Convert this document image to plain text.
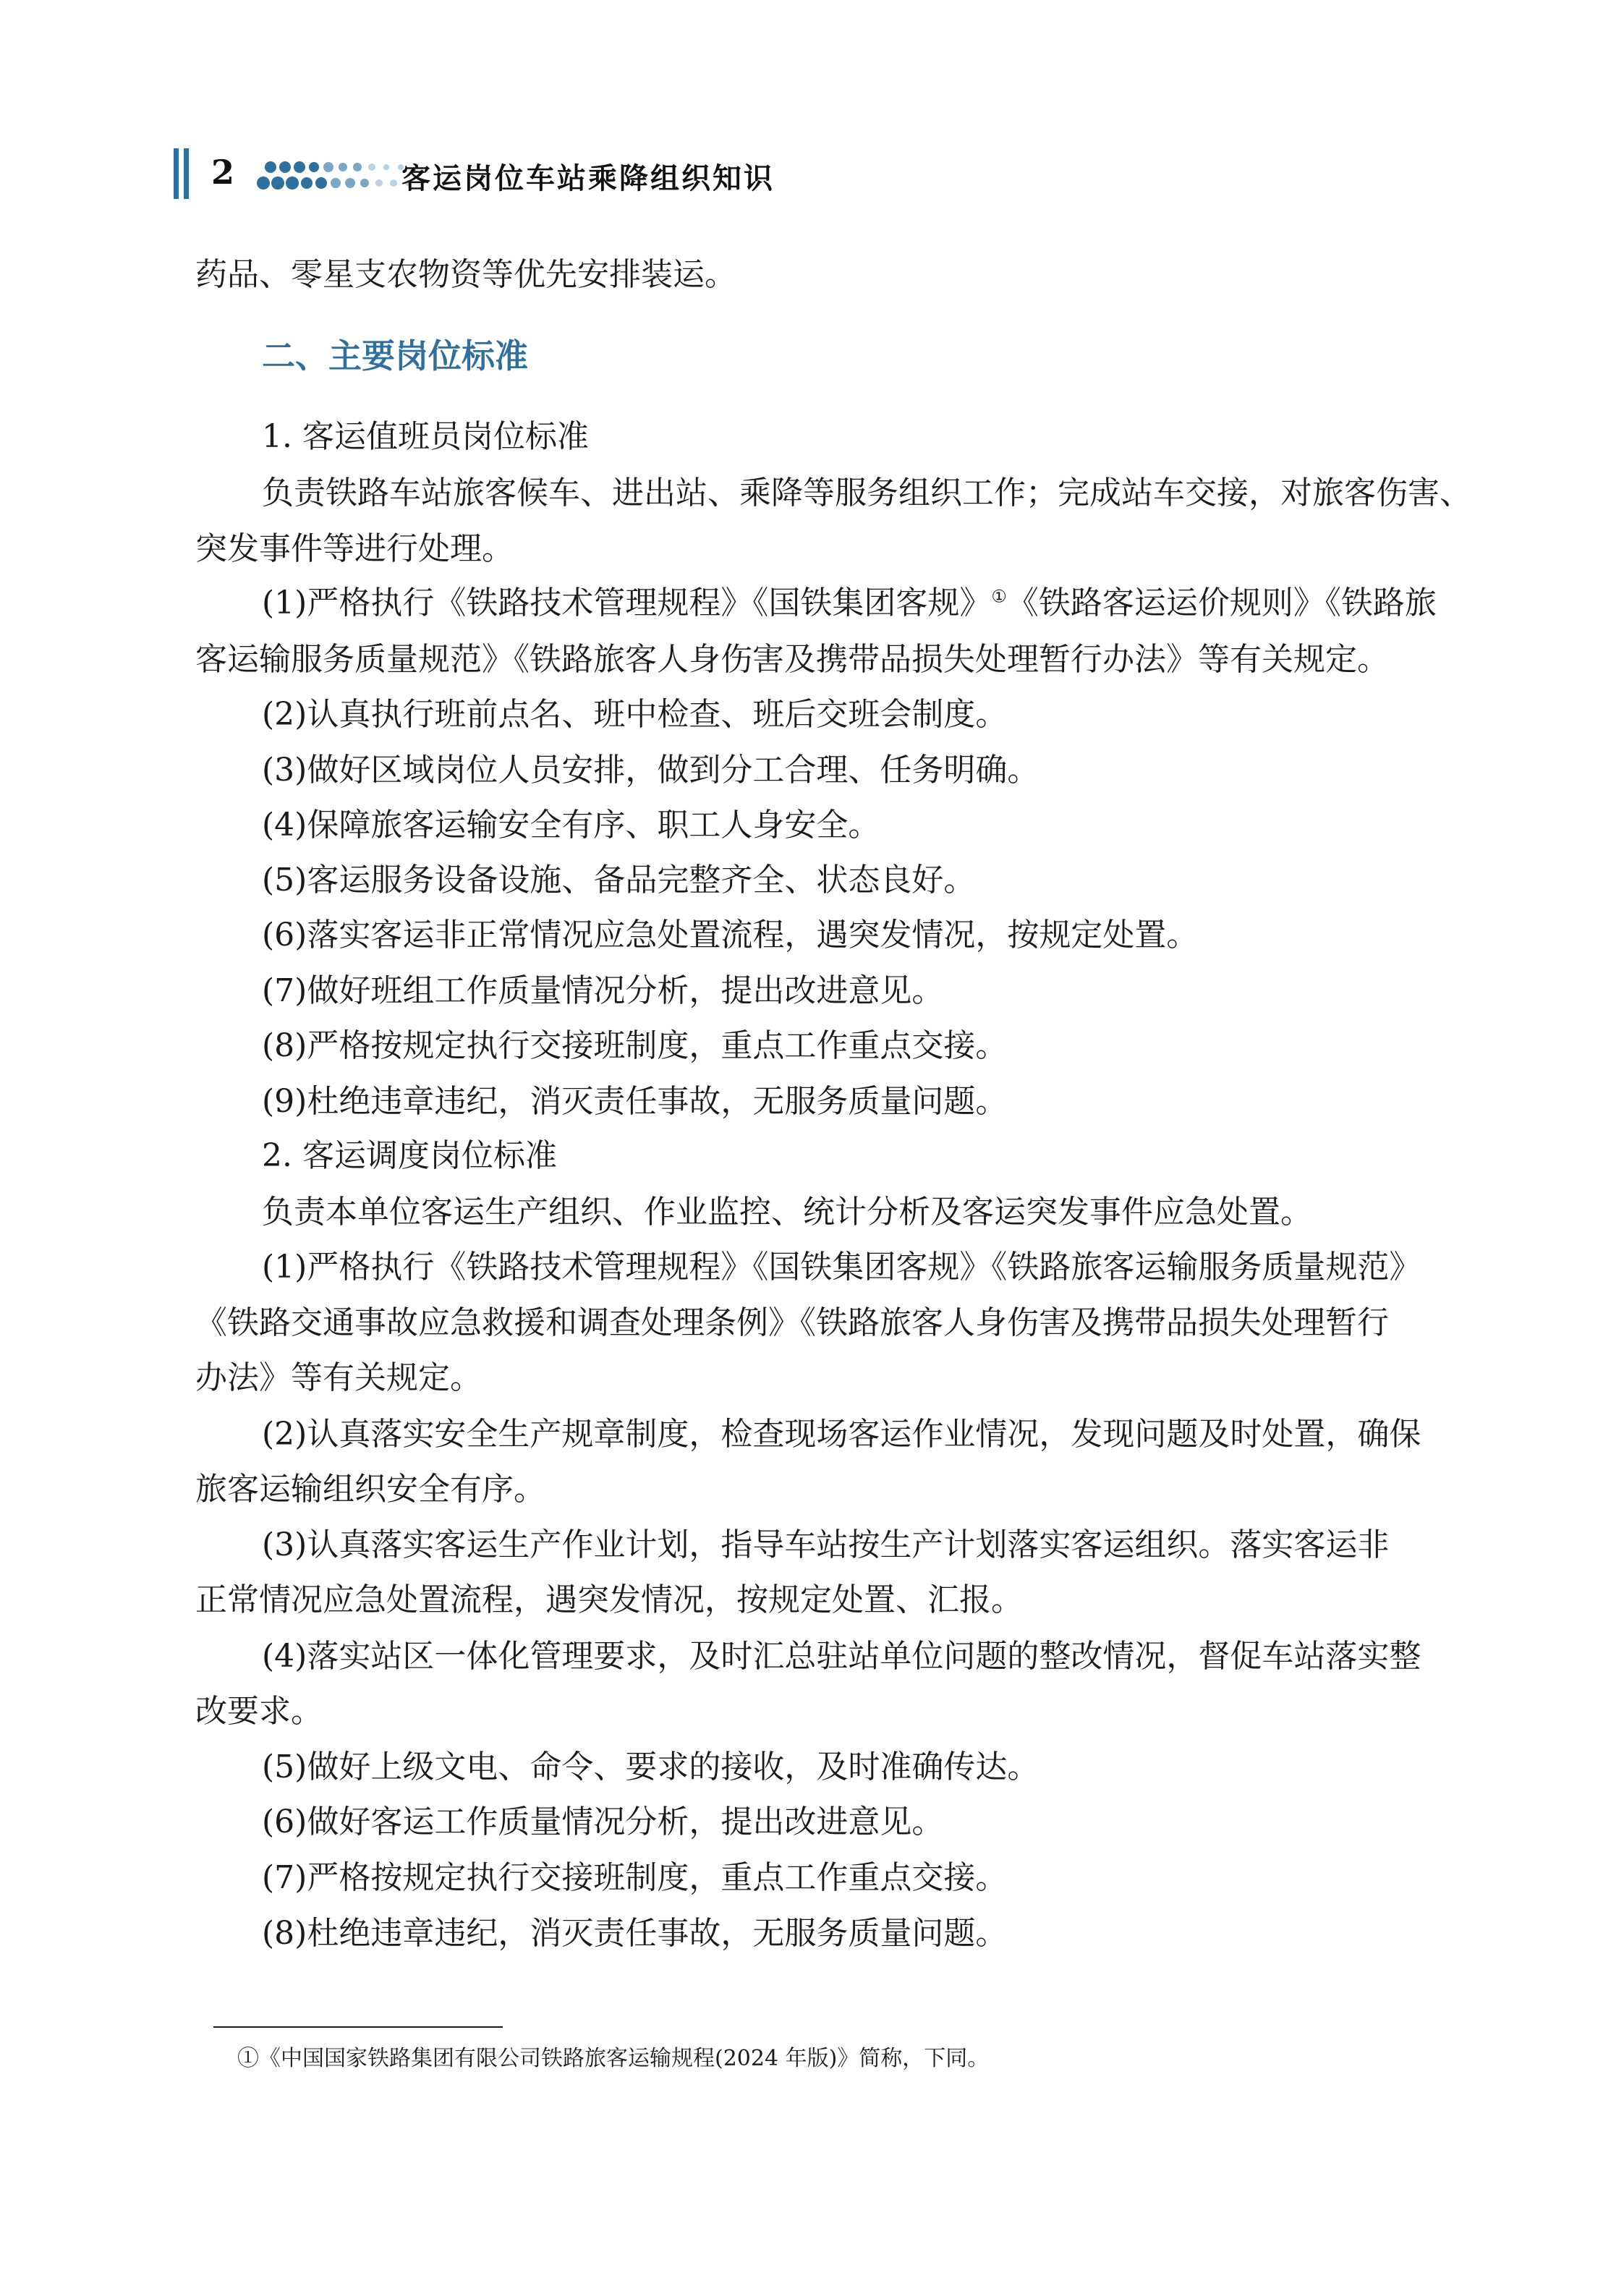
2	客运岗位车站乘降组织知识
药品、零星支农物资等优先安排装运。
二、主要岗位标准
1. 客运值班员岗位标准
负责铁路车站旅客候车、进出站、乘降等服务组织工作；完成站车交接，对旅客伤害、
突发事件等进行处理。
(1)严格执行《铁路技术管理规程》《国铁集团客规》①《铁路客运运价规则》《铁路旅
客运输服务质量规范》《铁路旅客人身伤害及携带品损失处理暂行办法》等有关规定。
(2)认真执行班前点名、班中检查、班后交班会制度。
(3)做好区域岗位人员安排，做到分工合理、任务明确。
(4)保障旅客运输安全有序、职工人身安全。
(5)客运服务设备设施、备品完整齐全、状态良好。
(6)落实客运非正常情况应急处置流程，遇突发情况，按规定处置。
(7)做好班组工作质量情况分析，提出改进意见。
(8)严格按规定执行交接班制度，重点工作重点交接。
(9)杜绝违章违纪，消灭责任事故，无服务质量问题。
2. 客运调度岗位标准
负责本单位客运生产组织、作业监控、统计分析及客运突发事件应急处置。
(1)严格执行《铁路技术管理规程》《国铁集团客规》《铁路旅客运输服务质量规范》
《铁路交通事故应急救援和调查处理条例》《铁路旅客人身伤害及携带品损失处理暂行
办法》等有关规定。
(2)认真落实安全生产规章制度，检查现场客运作业情况，发现问题及时处置，确保
旅客运输组织安全有序。
(3)认真落实客运生产作业计划，指导车站按生产计划落实客运组织。落实客运非
正常情况应急处置流程，遇突发情况，按规定处置、汇报。
(4)落实站区一体化管理要求，及时汇总驻站单位问题的整改情况，督促车站落实整
改要求。
(5)做好上级文电、命令、要求的接收，及时准确传达。
(6)做好客运工作质量情况分析，提出改进意见。
(7)严格按规定执行交接班制度，重点工作重点交接。
(8)杜绝违章违纪，消灭责任事故，无服务质量问题。
①《中国国家铁路集团有限公司铁路旅客运输规程(2024 年版)》简称，下同。
